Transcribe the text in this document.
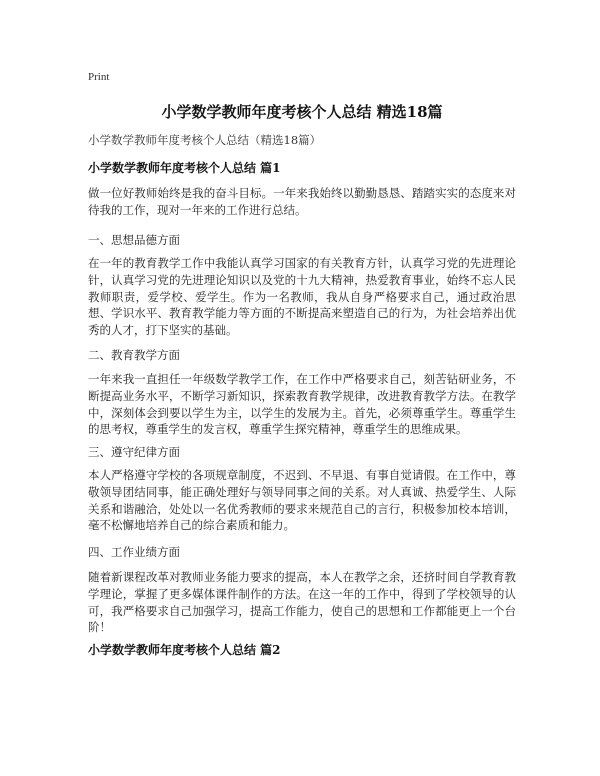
Print
小学数学教师年度考核个人总结 精选18篇
小学数学教师年度考核个人总结（精选18篇）
小学数学教师年度考核个人总结 篇1
做一位好教师始终是我的奋斗目标。一年来我始终以勤勤恳恳、踏踏实实的态度来对待我的工作，现对一年来的工作进行总结。
一、思想品德方面
在一年的教育教学工作中我能认真学习国家的有关教育方针，认真学习党的先进理论针，认真学习党的先进理论知识以及党的十九大精神，热爱教育事业，始终不忘人民教师职责，爱学校、爱学生。作为一名教师，我从自身严格要求自己，通过政治思想、学识水平、教育教学能力等方面的不断提高来塑造自己的行为，为社会培养出优秀的人才，打下坚实的基础。
二、教育教学方面
一年来我一直担任一年级数学教学工作，在工作中严格要求自己，刻苦钻研业务，不断提高业务水平，不断学习新知识，探索教育教学规律，改进教育教学方法。在教学中，深刻体会到要以学生为主，以学生的发展为主。首先，必须尊重学生。尊重学生的思考权，尊重学生的发言权，尊重学生探究精神，尊重学生的思维成果。
三、遵守纪律方面
本人严格遵守学校的各项规章制度，不迟到、不早退、有事自觉请假。在工作中，尊敬领导团结同事，能正确处理好与领导同事之间的关系。对人真诚、热爱学生、人际关系和谐融洽，处处以一名优秀教师的要求来规范自己的言行，积极参加校本培训，毫不松懈地培养自己的综合素质和能力。
四、工作业绩方面
随着新课程改革对教师业务能力要求的提高，本人在教学之余，还挤时间自学教育教学理论，掌握了更多媒体课件制作的方法。在这一年的工作中，得到了学校领导的认可，我严格要求自己加强学习，提高工作能力，使自己的思想和工作都能更上一个台阶！
小学数学教师年度考核个人总结 篇2
